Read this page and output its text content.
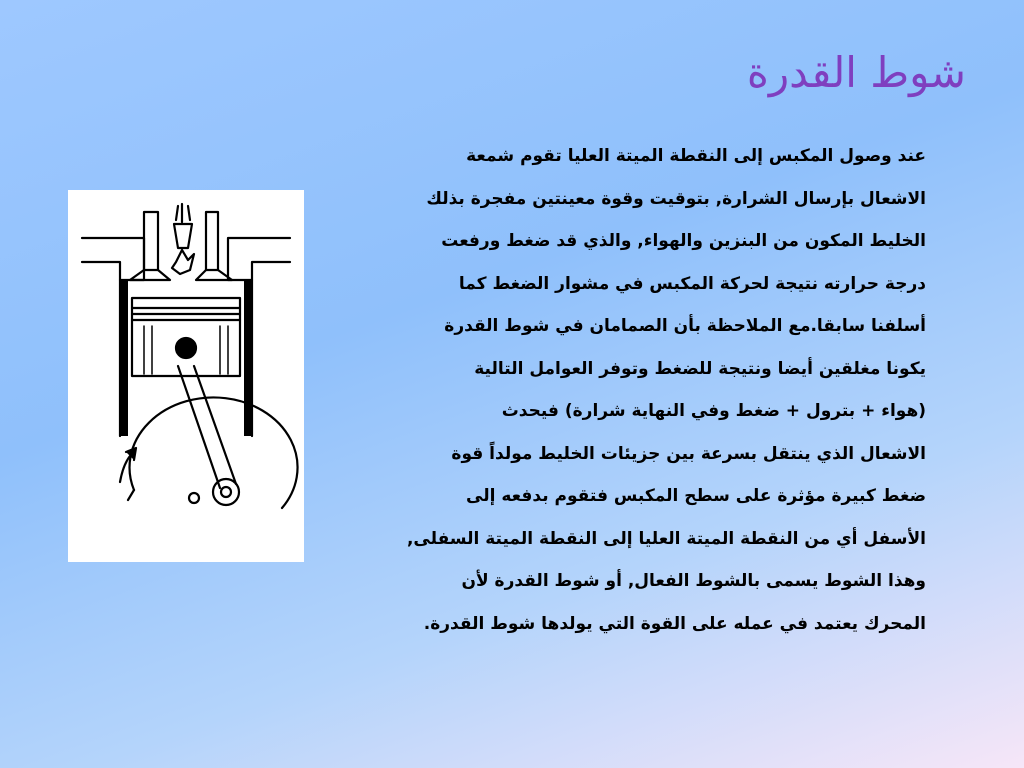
شوط القدرة
عند وصول المكبس إلى النقطة الميتة العليا تقوم شمعة
الاشعال بإرسال الشرارة, بتوقيت وقوة معينتين مفجرة بذلك
الخليط المكون من البنزين والهواء, والذي قد ضغط ورفعت
درجة حرارته نتيجة لحركة المكبس في مشوار الضغط كما
أسلفنا سابقا.مع الملاحظة بأن الصمامان في شوط القدرة
يكونا مغلقين أيضا ونتيجة للضغط وتوفر العوامل التالية
(هواء + بترول + ضغط وفي النهاية شرارة) فيحدث
الاشعال الذي ينتقل بسرعة بين جزيئات الخليط مولداً قوة
ضغط كبيرة مؤثرة على سطح المكبس فتقوم بدفعه إلى
الأسفل أي من النقطة الميتة العليا إلى النقطة الميتة السفلى,
وهذا الشوط يسمى بالشوط الفعال, أو شوط القدرة لأن
المحرك يعتمد في عمله على القوة التي يولدها شوط القدرة.
